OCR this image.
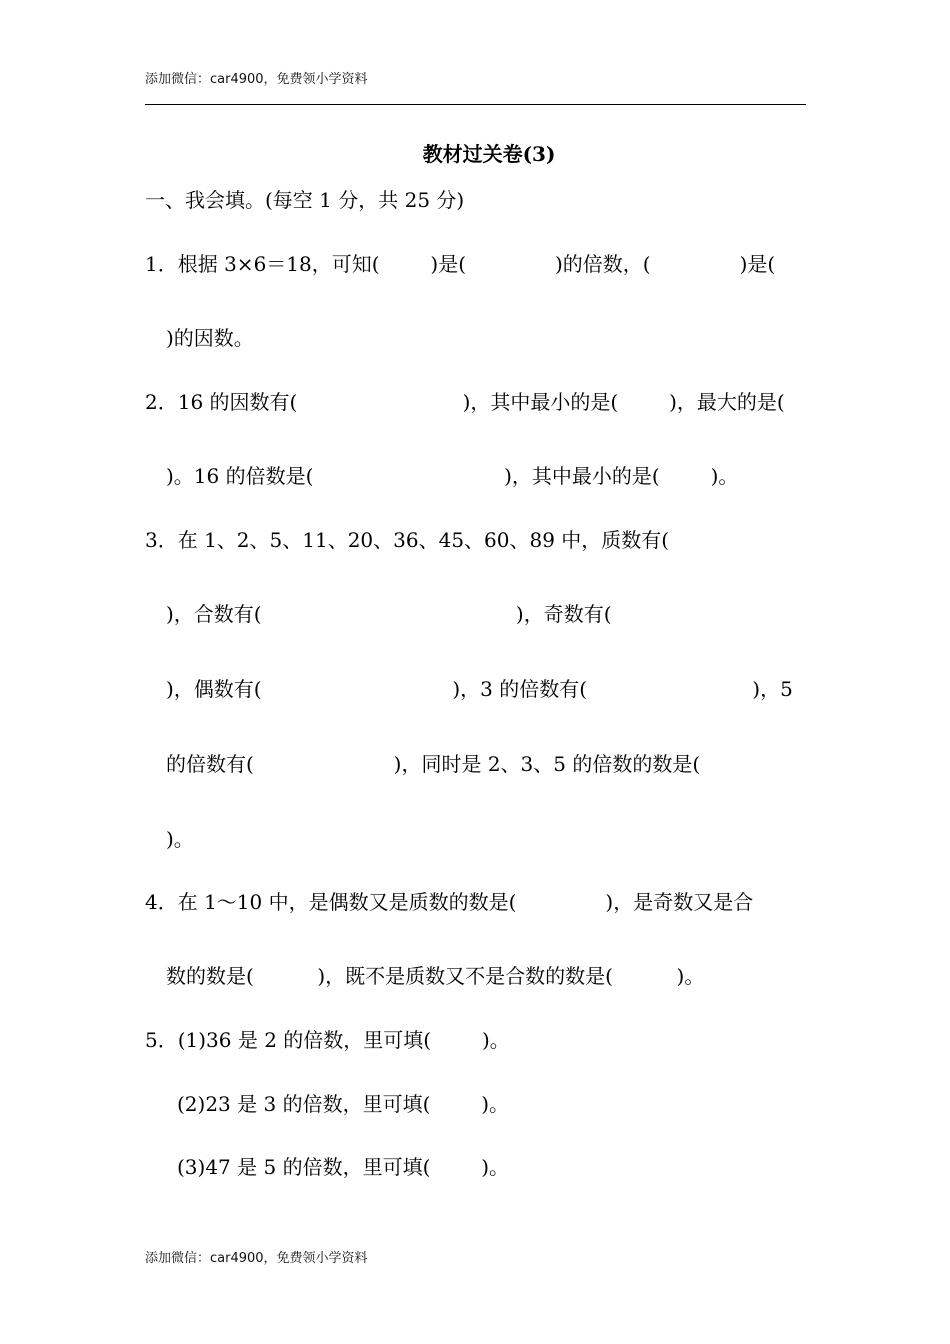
添加微信：car4900，免费领小学资料
教材过关卷(3)
一、我会填。(每空 1 分，共 25 分)
1．根据 3×6＝18，可知(        )是(              )的倍数，(              )是(
)的因数。
2．16 的因数有(                          )，其中最小的是(        )，最大的是(
)。16 的倍数是(                              )，其中最小的是(        )。
3．在 1、2、5、11、20、36、45、60、89 中，质数有(
)，合数有(                                        )，奇数有(
)，偶数有(                              )，3 的倍数有(                          )，5
的倍数有(                      )，同时是 2、3、5 的倍数的数是(
)。
4．在 1～10 中，是偶数又是质数的数是(              )，是奇数又是合
数的数是(          )，既不是质数又不是合数的数是(          )。
5．(1)36 是 2 的倍数，里可填(        )。
(2)23 是 3 的倍数，里可填(        )。
(3)47 是 5 的倍数，里可填(        )。
添加微信：car4900，免费领小学资料
